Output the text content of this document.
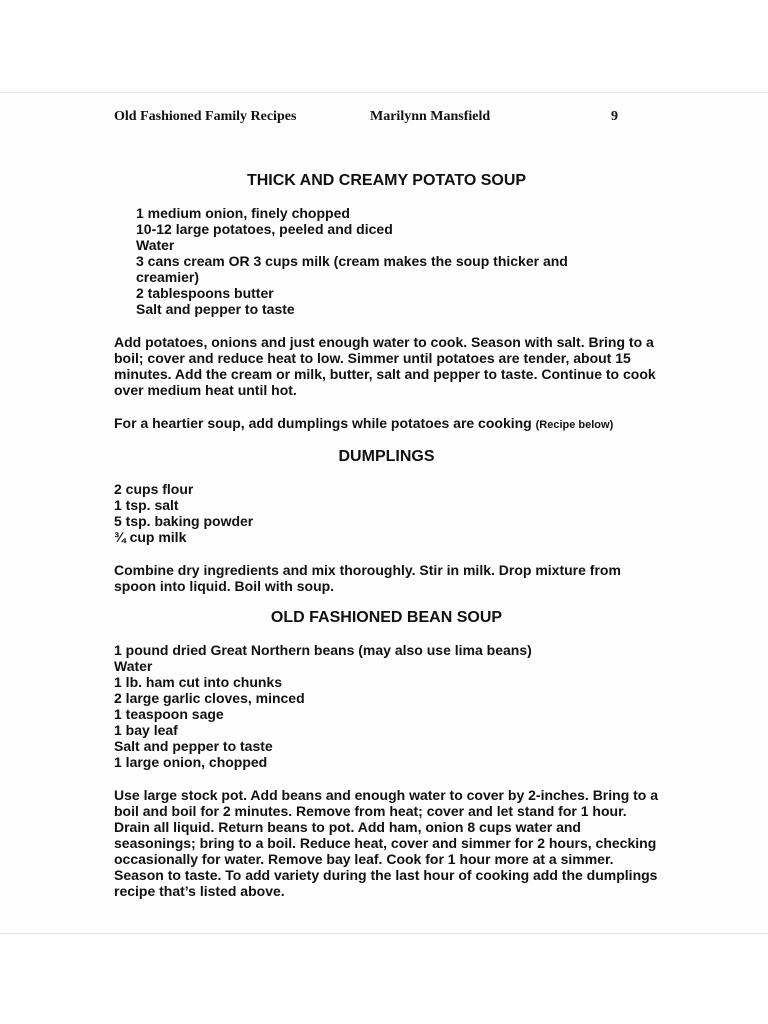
Old Fashioned Family Recipes	Marilynn Mansfield	9
THICK AND CREAMY POTATO SOUP
1 medium onion, finely chopped
10-12 large potatoes, peeled and diced
Water
3 cans cream OR 3 cups milk (cream makes the soup thicker and creamier)
2 tablespoons butter
Salt and pepper to taste

Add potatoes, onions and just enough water to cook. Season with salt. Bring to a boil; cover and reduce heat to low. Simmer until potatoes are tender, about 15 minutes. Add the cream or milk, butter, salt and pepper to taste. Continue to cook over medium heat until hot.

For a heartier soup, add dumplings while potatoes are cooking (Recipe below)

DUMPLINGS
2 cups flour
1 tsp. salt
5 tsp. baking powder
¾ cup milk

Combine dry ingredients and mix thoroughly. Stir in milk. Drop mixture from spoon into liquid. Boil with soup.

OLD FASHIONED BEAN SOUP
1 pound dried Great Northern beans (may also use lima beans)
Water
1 lb. ham cut into chunks
2 large garlic cloves, minced
1 teaspoon sage
1 bay leaf
Salt and pepper to taste
1 large onion, chopped

Use large stock pot. Add beans and enough water to cover by 2-inches. Bring to a boil and boil for 2 minutes. Remove from heat; cover and let stand for 1 hour. Drain all liquid. Return beans to pot. Add ham, onion 8 cups water and seasonings; bring to a boil. Reduce heat, cover and simmer for 2 hours, checking occasionally for water. Remove bay leaf. Cook for 1 hour more at a simmer. Season to taste. To add variety during the last hour of cooking add the dumplings recipe that’s listed above.
